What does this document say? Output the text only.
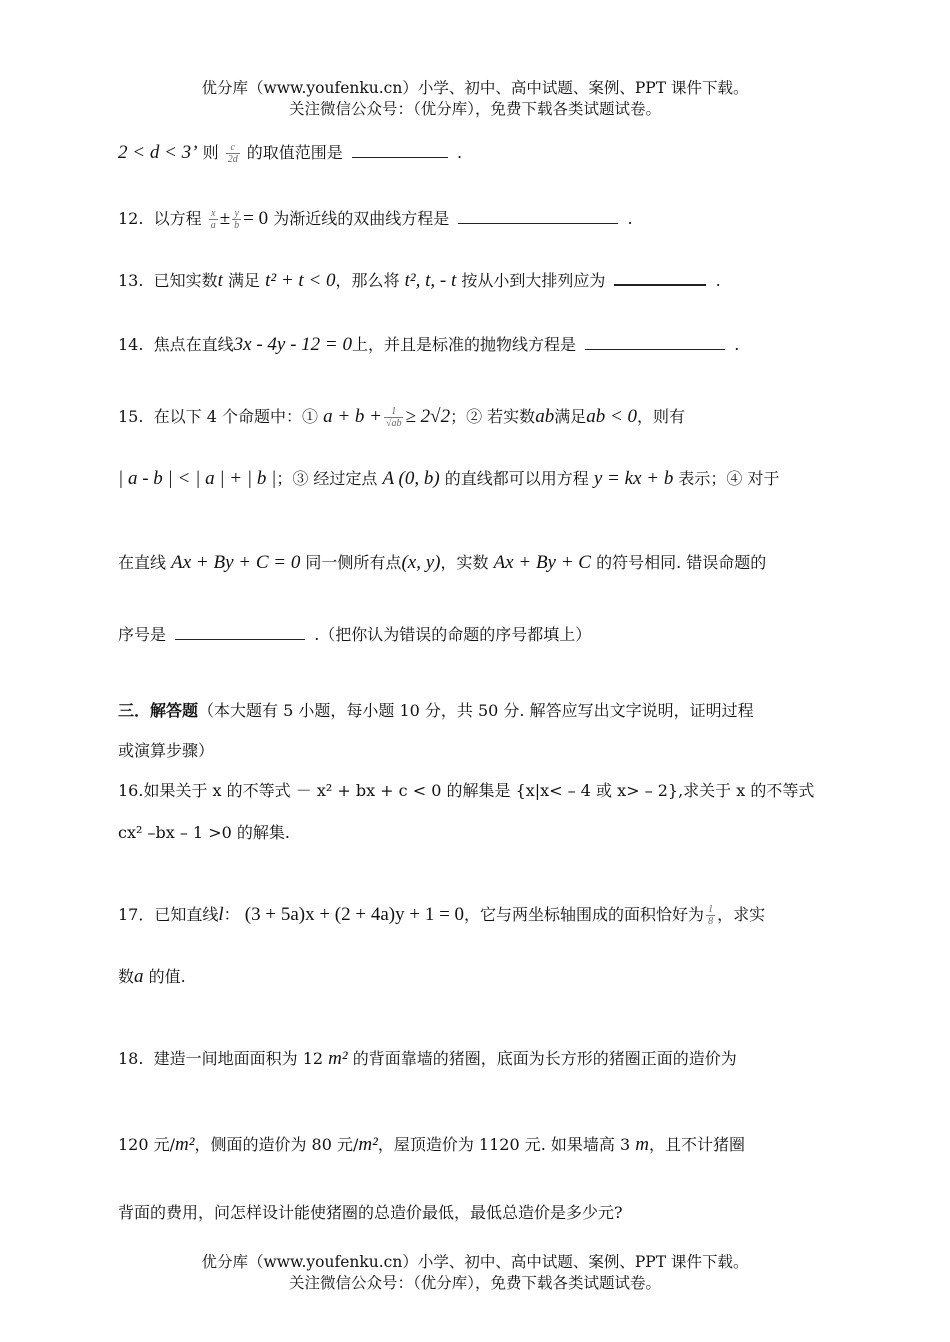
优分库（www.youfenku.cn）小学、初中、高中试题、案例、PPT 课件下载。
关注微信公众号：（优分库），免费下载各类试题试卷。
2 < d < 3’ 则 $\frac{c}{2d}$ 的取值范围是	.
12. 以方程 $\frac{x}{a} \pm \frac{y}{b} = 0$ 为渐近线的双曲线方程是	.
13. 已知实数t 满足 t² + t < 0，那么将 t², t, - t 按从小到大排列应为	.
14. 焦点在直线3x - 4y - 12 = 0上，并且是标准的抛物线方程是	.
15. 在以下 4 个命题中：① $a + b + \frac{1}{√ab} \ge 2√2$；② 若实数ab满足ab < 0，则有
| a - b | < | a | + | b |；③ 经过定点 A (0, b) 的直线都可以用方程 y = kx + b 表示；④ 对于
在直线 Ax + By + C = 0 同一侧所有点(x, y)，实数 Ax + By + C 的符号相同. 错误命题的
序号是	.（把你认为错误的命题的序号都填上）
三．解答题（本大题有 5 小题，每小题 10 分，共 50 分. 解答应写出文字说明，证明过程
或演算步骤）
16.如果关于 x 的不等式 － x² + bx + c < 0 的解集是 {x|x< – 4 或 x> – 2},求关于 x 的不等式
cx² –bx – 1 >0 的解集.
17．已知直线l： (3 + 5a)x + (2 + 4a)y + 1 = 0，它与两坐标轴围成的面积恰好为 $\frac{1}{8}$ ，求实
数a 的值.
18. 建造一间地面面积为 12 m² 的背面靠墙的猪圈，底面为长方形的猪圈正面的造价为
120 元/m²，侧面的造价为 80 元/m²，屋顶造价为 1120 元. 如果墙高 3 m，且不计猪圈
背面的费用，问怎样设计能使猪圈的总造价最低，最低总造价是多少元?
优分库（www.youfenku.cn）小学、初中、高中试题、案例、PPT 课件下载。
关注微信公众号：（优分库），免费下载各类试题试卷。
